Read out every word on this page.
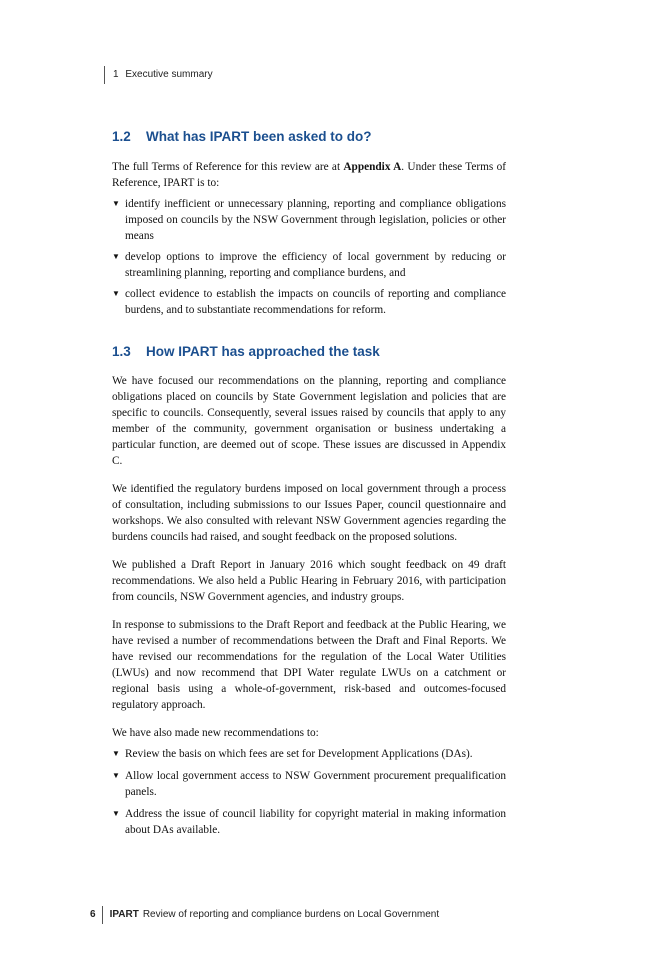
1 Executive summary
1.2 What has IPART been asked to do?

The full Terms of Reference for this review are at Appendix A. Under these Terms of Reference, IPART is to:

▼ identify inefficient or unnecessary planning, reporting and compliance obligations imposed on councils by the NSW Government through legislation, policies or other means
▼ develop options to improve the efficiency of local government by reducing or streamlining planning, reporting and compliance burdens, and
▼ collect evidence to establish the impacts on councils of reporting and compliance burdens, and to substantiate recommendations for reform.
1.3 How IPART has approached the task

We have focused our recommendations on the planning, reporting and compliance obligations placed on councils by State Government legislation and policies that are specific to councils. Consequently, several issues raised by councils that apply to any member of the community, government organisation or business undertaking a particular function, are deemed out of scope. These issues are discussed in Appendix C.

We identified the regulatory burdens imposed on local government through a process of consultation, including submissions to our Issues Paper, council questionnaire and workshops. We also consulted with relevant NSW Government agencies regarding the burdens councils had raised, and sought feedback on the proposed solutions.

We published a Draft Report in January 2016 which sought feedback on 49 draft recommendations. We also held a Public Hearing in February 2016, with participation from councils, NSW Government agencies, and industry groups.

In response to submissions to the Draft Report and feedback at the Public Hearing, we have revised a number of recommendations between the Draft and Final Reports. We have revised our recommendations for the regulation of the Local Water Utilities (LWUs) and now recommend that DPI Water regulate LWUs on a catchment or regional basis using a whole-of-government, risk-based and outcomes-focused regulatory approach.

We have also made new recommendations to:

▼ Review the basis on which fees are set for Development Applications (DAs).
▼ Allow local government access to NSW Government procurement prequalification panels.
▼ Address the issue of council liability for copyright material in making information about DAs available.
6	IPART Review of reporting and compliance burdens on Local Government
